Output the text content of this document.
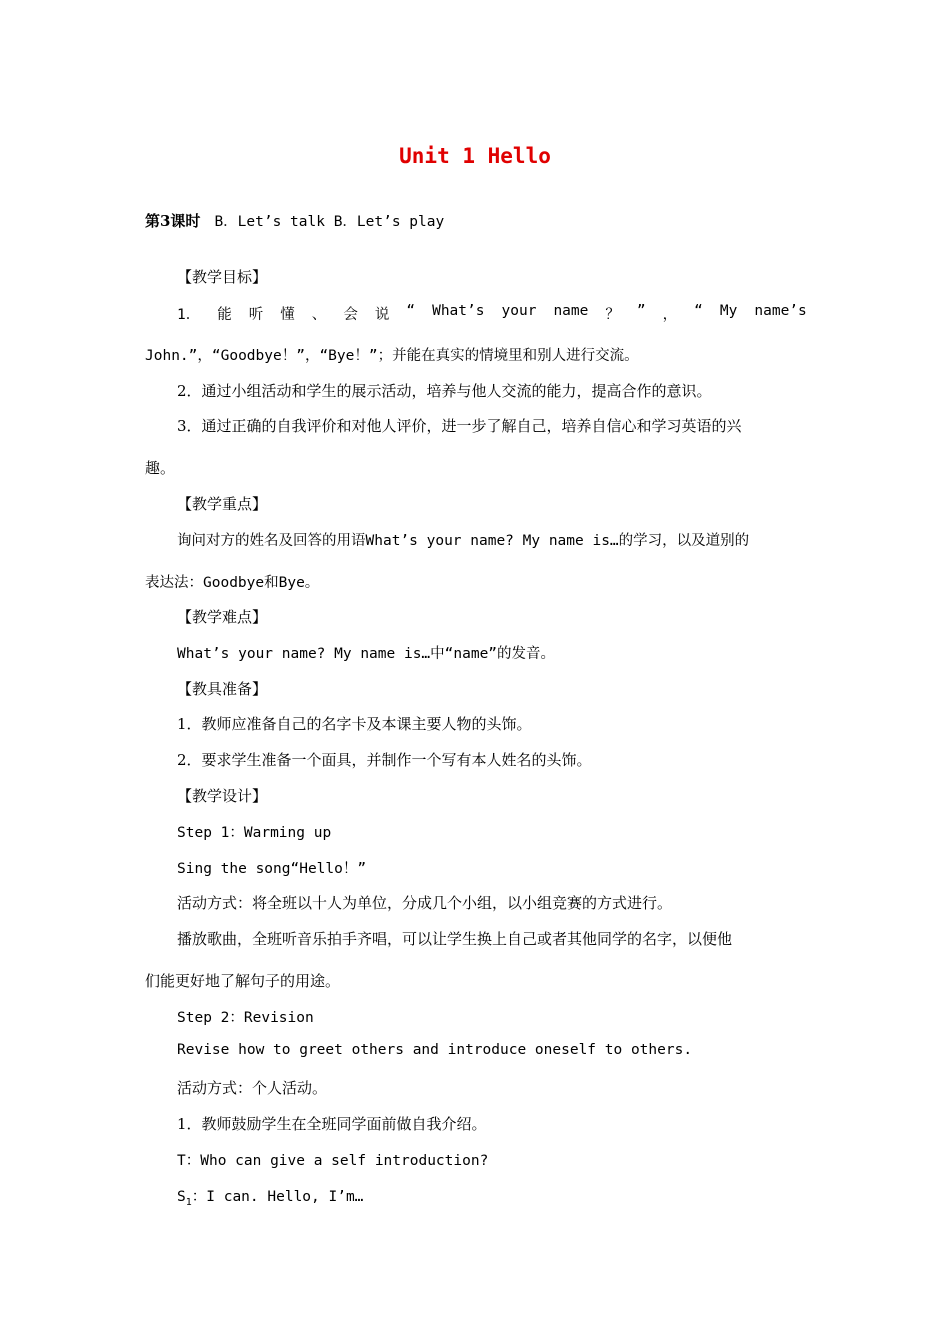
Unit 1 Hello
第3课时 B．Let’s talk B．Let’s play
【教学目标】
1． 能 听 懂 、 会 说 “ What’s your name ？ ” ， “ My name’s
John.”，“Goodbye！”，“Bye！”；并能在真实的情境里和别人进行交流。
2．通过小组活动和学生的展示活动，培养与他人交流的能力，提高合作的意识。
3．通过正确的自我评价和对他人评价，进一步了解自己，培养自信心和学习英语的兴
趣。
【教学重点】
询问对方的姓名及回答的用语What’s your name? My name is…的学习，以及道别的
表达法：Goodbye和Bye。
【教学难点】
What’s your name? My name is…中“name”的发音。
【教具准备】
1．教师应准备自己的名字卡及本课主要人物的头饰。
2．要求学生准备一个面具，并制作一个写有本人姓名的头饰。
【教学设计】
Step 1：Warming up
Sing the song“Hello！”
活动方式：将全班以十人为单位，分成几个小组，以小组竞赛的方式进行。
播放歌曲，全班听音乐拍手齐唱，可以让学生换上自己或者其他同学的名字，以便他
们能更好地了解句子的用途。
Step 2：Revision
Revise how to greet others and introduce oneself to others.
活动方式：个人活动。
1．教师鼓励学生在全班同学面前做自我介绍。
T：Who can give a self introduction?
$S_1$：I can. Hello, I’m…
